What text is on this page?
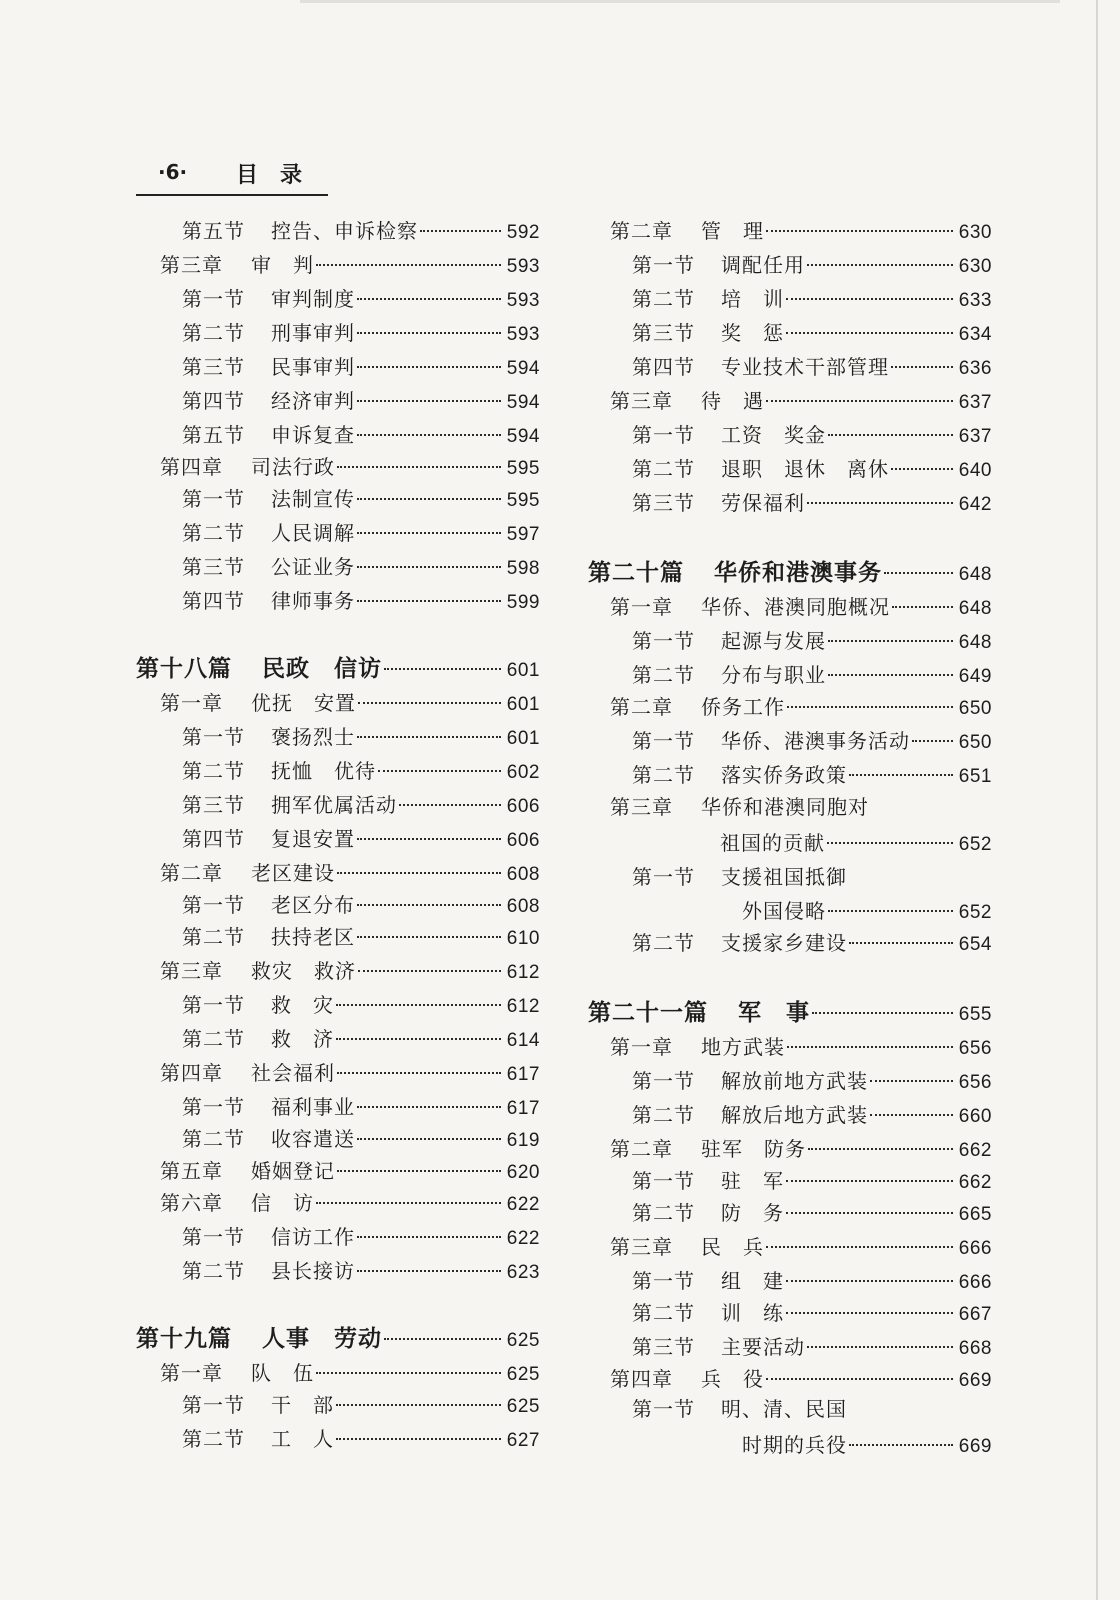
·6· 目录
第五节 控告、申诉检察	592
第三章 审　判	593
第一节 审判制度	593
第二节 刑事审判	593
第三节 民事审判	594
第四节 经济审判	594
第五节 申诉复查	594
第四章 司法行政	595
第一节 法制宣传	595
第二节 人民调解	597
第三节 公证业务	598
第四节 律师事务	599
第十八篇 民政　信访	601
第一章 优抚　安置	601
第一节 褒扬烈士	601
第二节 抚恤　优待	602
第三节 拥军优属活动	606
第四节 复退安置	606
第二章 老区建设	608
第一节 老区分布	608
第二节 扶持老区	610
第三章 救灾　救济	612
第一节 救　灾	612
第二节 救　济	614
第四章 社会福利	617
第一节 福利事业	617
第二节 收容遣送	619
第五章 婚姻登记	620
第六章 信　访	622
第一节 信访工作	622
第二节 县长接访	623
第十九篇 人事　劳动	625
第一章 队　伍	625
第一节 干　部	625
第二节 工　人	627
第二章 管　理	630
第一节 调配任用	630
第二节 培　训	633
第三节 奖　惩	634
第四节 专业技术干部管理	636
第三章 待　遇	637
第一节 工资　奖金	637
第二节 退职　退休　离休	640
第三节 劳保福利	642
第二十篇 华侨和港澳事务	648
第一章 华侨、港澳同胞概况	648
第一节 起源与发展	648
第二节 分布与职业	649
第二章 侨务工作	650
第一节 华侨、港澳事务活动	650
第二节 落实侨务政策	651
第三章 华侨和港澳同胞对
祖国的贡献	652
第一节 支援祖国抵御
外国侵略	652
第二节 支援家乡建设	654
第二十一篇 军　事	655
第一章 地方武装	656
第一节 解放前地方武装	656
第二节 解放后地方武装	660
第二章 驻军　防务	662
第一节 驻　军	662
第二节 防　务	665
第三章 民　兵	666
第一节 组　建	666
第二节 训　练	667
第三节 主要活动	668
第四章 兵　役	669
第一节 明、清、民国
时期的兵役	669
